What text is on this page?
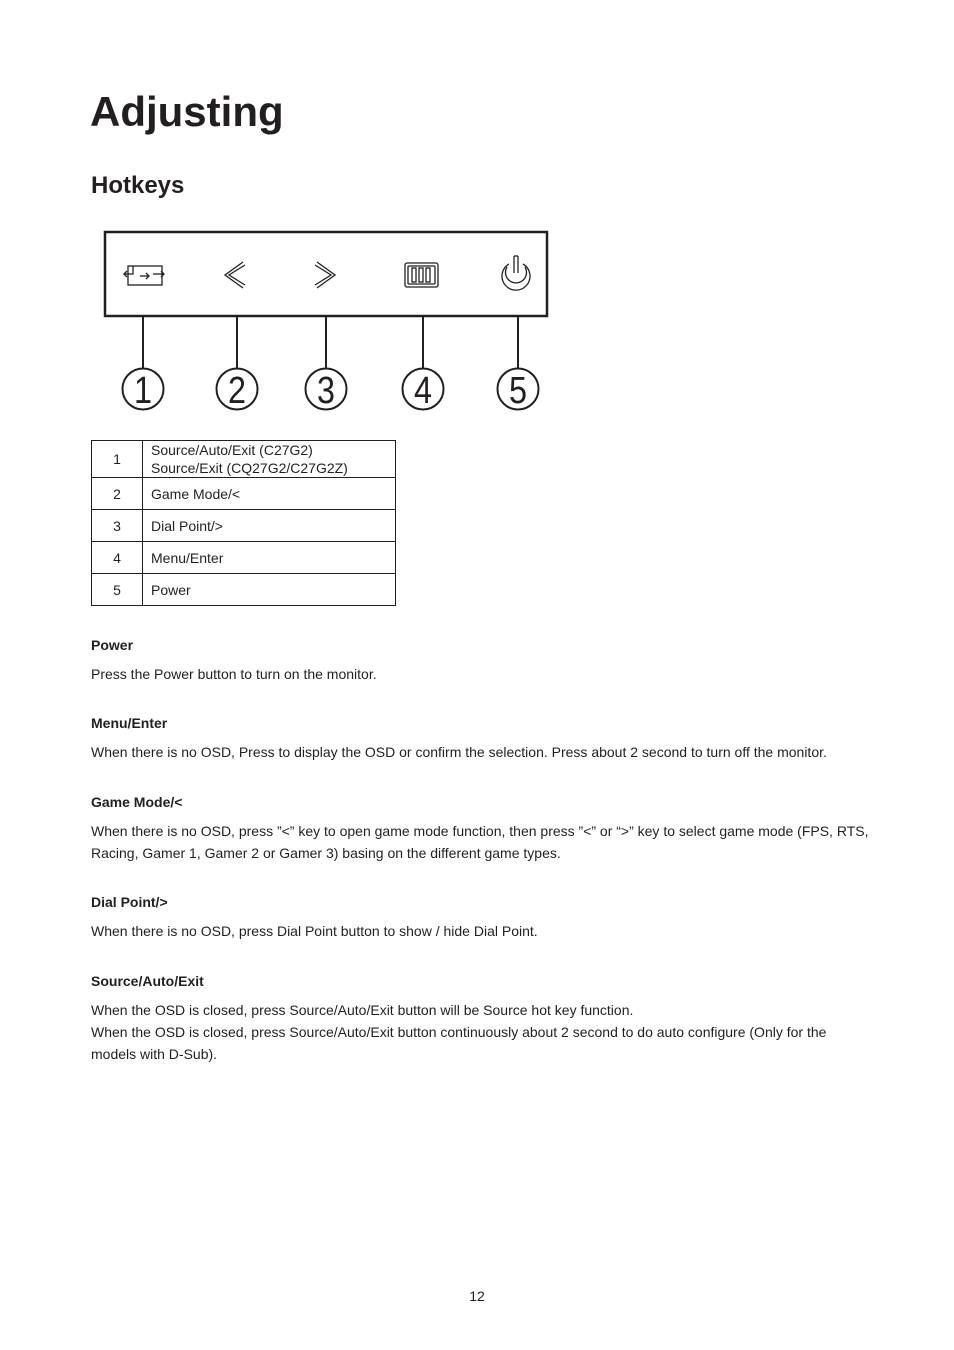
Adjusting
Hotkeys
1 2 3 4 5
1	Source/Auto/Exit (C27G2)
Source/Exit (CQ27G2/C27G2Z)

2	Game Mode/<

3	Dial Point/>

4	Menu/Enter

5	Power
Power

Press the Power button to turn on the monitor.

Menu/Enter

When there is no OSD, Press to display the OSD or confirm the selection. Press about 2 second to turn off the monitor.

Game Mode/<

When there is no OSD, press ”<” key to open game mode function, then press ”<” or “>” key to select game mode (FPS, RTS, Racing, Gamer 1, Gamer 2 or Gamer 3) basing on the different game types.

Dial Point/>

When there is no OSD, press Dial Point button to show / hide Dial Point.

Source/Auto/Exit

When the OSD is closed, press Source/Auto/Exit button will be Source hot key function.

When the OSD is closed, press Source/Auto/Exit button continuously about 2 second to do auto configure (Only for the models with D-Sub).

12
